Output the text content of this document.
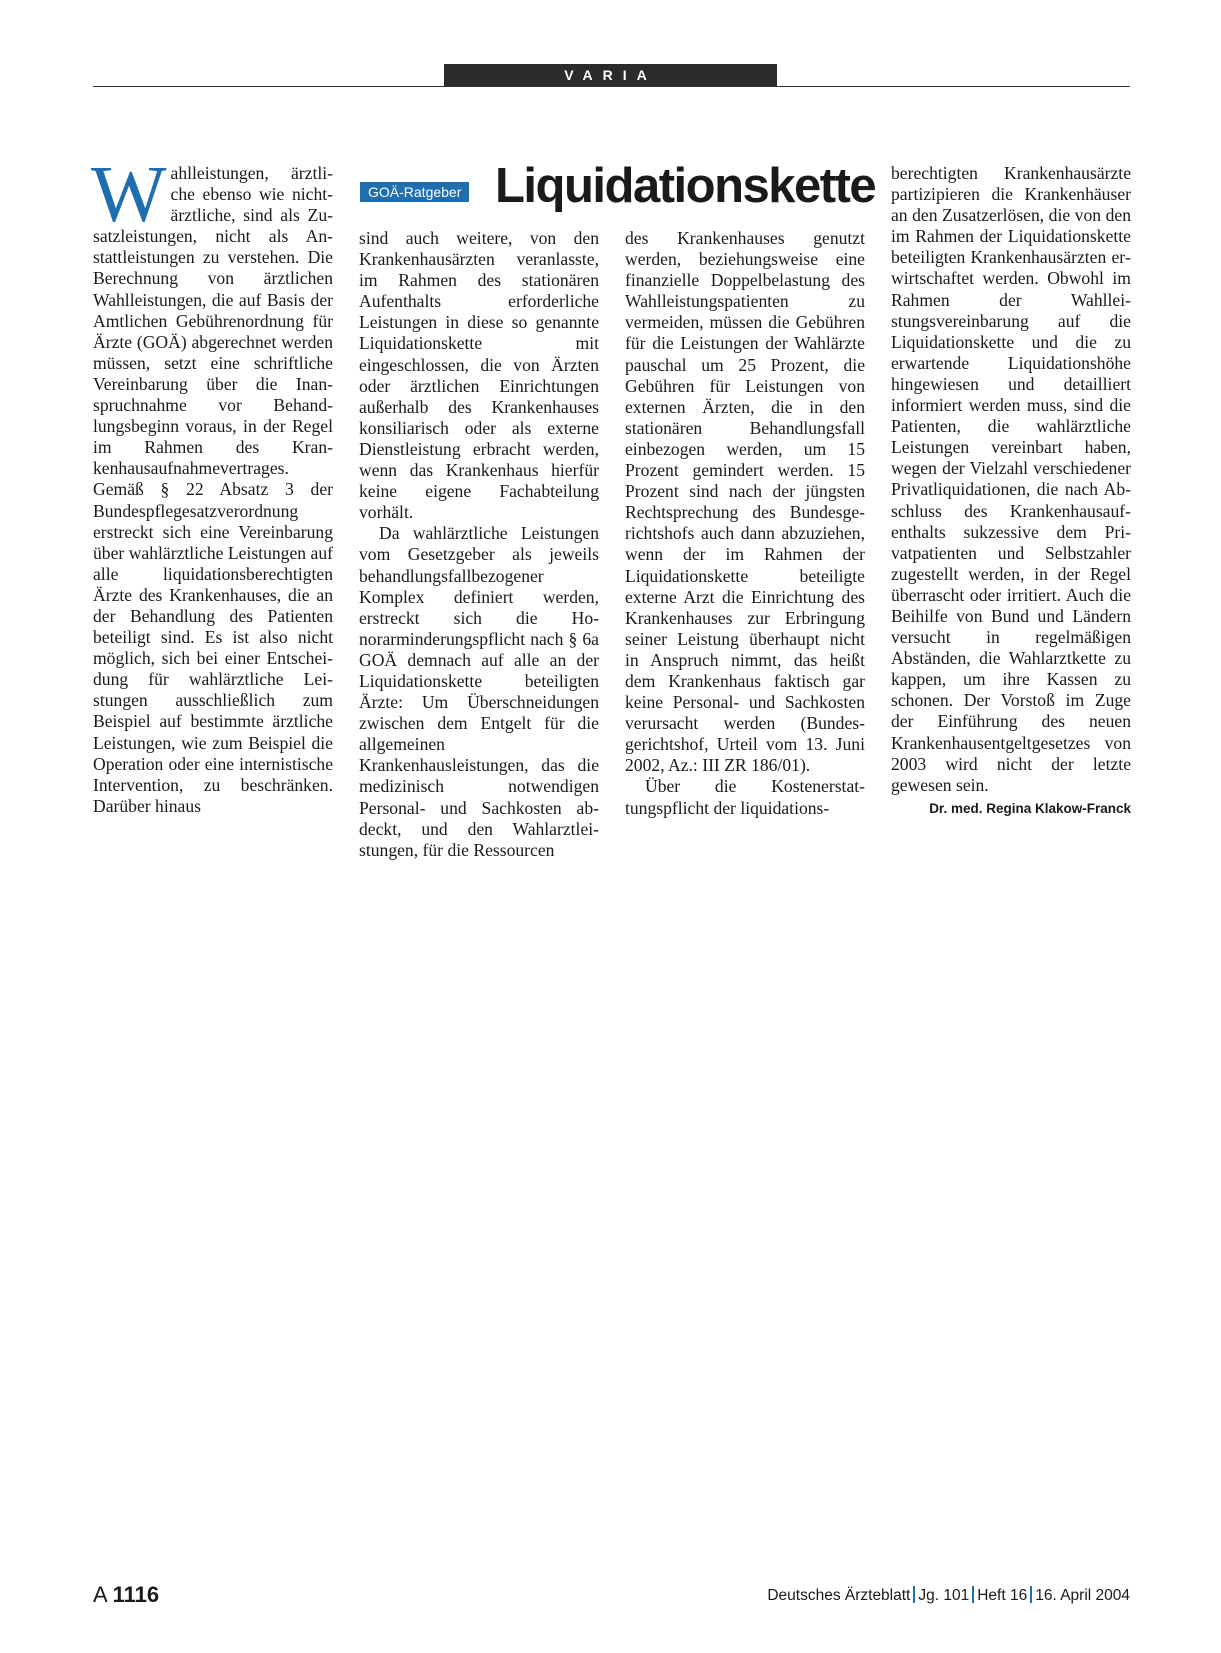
VARIA
GOÄ-Ratgeber Liquidationskette

W ahlleistungen, ärztliche ebenso wie nichtärztliche, sind als Zusatzleistungen, nicht als Anstattleistungen zu verstehen. Die Berechnung von ärztlichen Wahlleistungen, die auf Basis der Amtlichen Gebührenordnung für Ärzte (GOÄ) abgerechnet werden müssen, setzt eine schriftliche Vereinbarung über die Inanspruchnahme vor Behandlungsbeginn voraus, in der Regel im Rahmen des Krankenhausaufnahmevertrages. Gemäß § 22 Absatz 3 der Bundespflegesatzverordnung erstreckt sich eine Vereinbarung über wahlärztliche Leistungen auf alle liquidationsberechtigten Ärzte des Krankenhauses, die an der Behandlung des Patienten beteiligt sind. Es ist also nicht möglich, sich bei einer Entscheidung für wahlärztliche Leistungen ausschließlich zum Beispiel auf bestimmte ärztliche Leistungen, wie zum Beispiel die Operation oder eine internistische Intervention, zu beschränken. Darüber hinaus

sind auch weitere, von den Krankenhausärzten veranlasste, im Rahmen des stationären Aufenthalts erforderliche Leistungen in diese so genannte Liquidationskette mit eingeschlossen, die von Ärzten oder ärztlichen Einrichtungen außerhalb des Krankenhauses konsiliarisch oder als externe Dienstleistung erbracht werden, wenn das Krankenhaus hierfür keine eigene Fachabteilung vorhält.

Da wahlärztliche Leistungen vom Gesetzgeber als jeweils behandlungsfallbezogener Komplex definiert werden, erstreckt sich die Honorarminderungspflicht nach § 6a GOÄ demnach auf alle an der Liquidationskette beteiligten Ärzte: Um Überschneidungen zwischen dem Entgelt für die allgemeinen Krankenhausleistungen, das die medizinisch notwendigen Personal- und Sachkosten abdeckt, und den Wahlarztleistungen, für die Ressourcen

des Krankenhauses genutzt werden, beziehungsweise eine finanzielle Doppelbelastung des Wahlleistungspatienten zu vermeiden, müssen die Gebühren für die Leistungen der Wahlärzte pauschal um 25 Prozent, die Gebühren für Leistungen von externen Ärzten, die in den stationären Behandlungsfall einbezogen werden, um 15 Prozent gemindert werden. 15 Prozent sind nach der jüngsten Rechtsprechung des Bundesgerichtshofs auch dann abzuziehen, wenn der im Rahmen der Liquidationskette beteiligte externe Arzt die Einrichtung des Krankenhauses zur Erbringung seiner Leistung überhaupt nicht in Anspruch nimmt, das heißt dem Krankenhaus faktisch gar keine Personal- und Sachkosten verursacht werden (Bundesgerichtshof, Urteil vom 13. Juni 2002, Az.: III ZR 186/01).

Über die Kostenerstattungspflicht der liquidations-

berechtigten Krankenhausärzte partizipieren die Krankenhäuser an den Zusatzerlösen, die von den im Rahmen der Liquidationskette beteiligten Krankenhausärzten erwirtschaftet werden. Obwohl im Rahmen der Wahlleistungsvereinbarung auf die Liquidationskette und die zu erwartende Liquidationshöhe hingewiesen und detailliert informiert werden muss, sind die Patienten, die wahlärztliche Leistungen vereinbart haben, wegen der Vielzahl verschiedener Privatliquidationen, die nach Abschluss des Krankenhausaufenthalts sukzessive dem Privatpatienten und Selbstzahler zugestellt werden, in der Regel überrascht oder irritiert. Auch die Beihilfe von Bund und Ländern versucht in regelmäßigen Abständen, die Wahlarztkette zu kappen, um ihre Kassen zu schonen. Der Vorstoß im Zuge der Einführung des neuen Krankenhausentgeltgesetzes von 2003 wird nicht der letzte gewesen sein.

Dr. med. Regina Klakow-Franck

A 1116	Deutsches Ärzteblatt Jg. 101 Heft 16 16. April 2004
